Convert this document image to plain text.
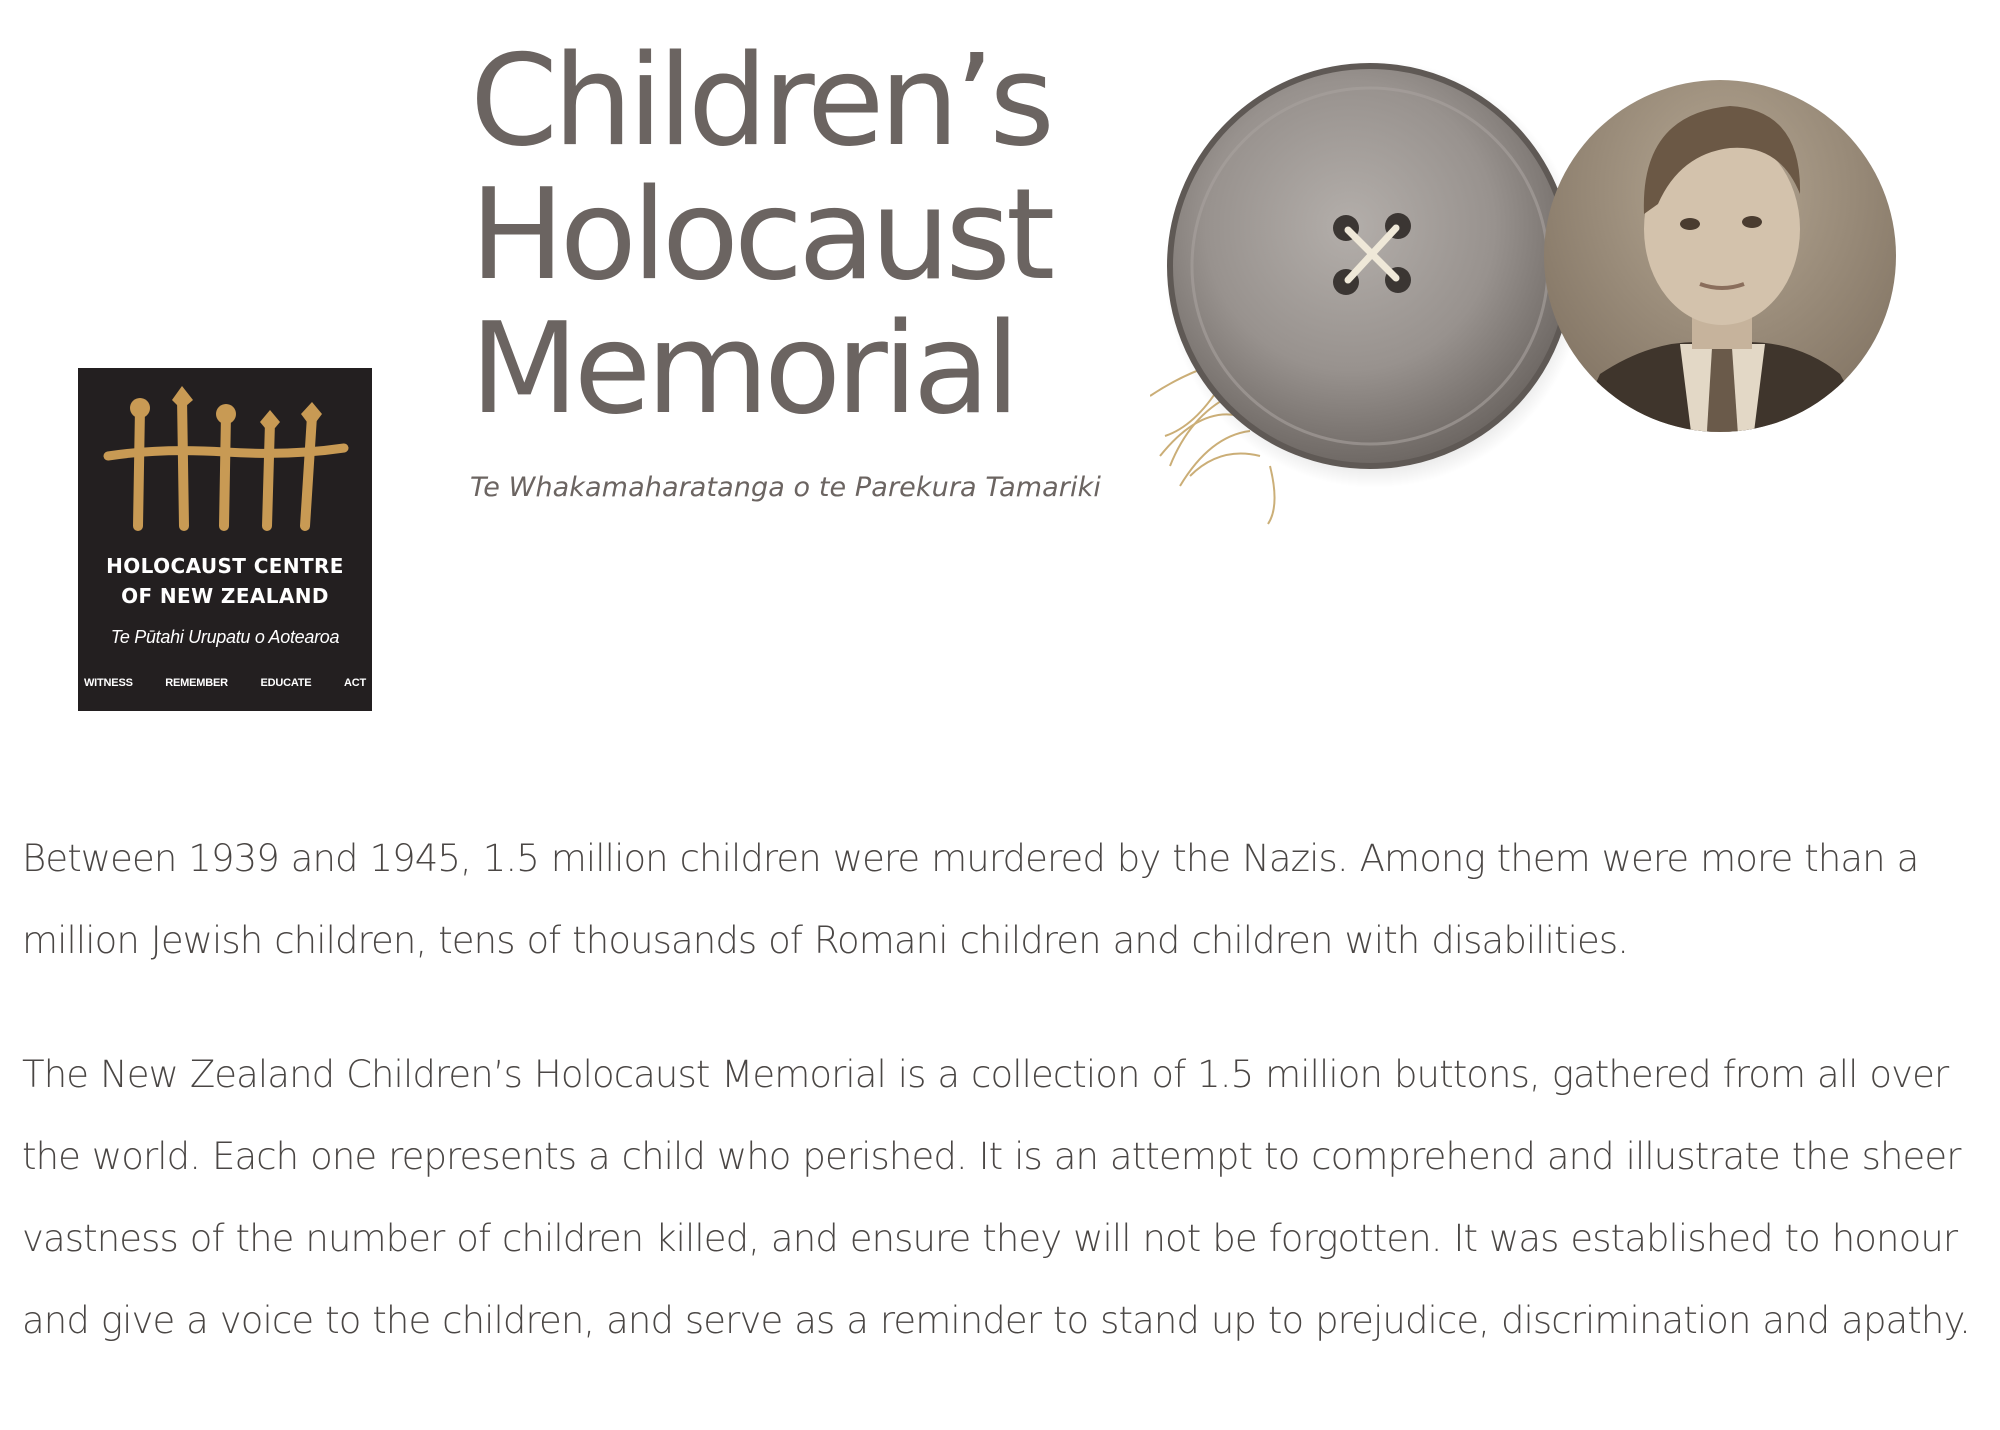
HOLOCAUST CENTRE
OF NEW ZEALAND
Te Pūtahi Urupatu o Aotearoa
WITNESS	REMEMBER	EDUCATE	ACT
Children’s
Holocaust
Memorial
Te Whakamaharatanga o te Parekura Tamariki

Between 1939 and 1945, 1.5 million children were murdered by the Nazis. Among them were more than a million Jewish children, tens of thousands of Romani children and children with disabilities.

The New Zealand Children’s Holocaust Memorial is a collection of 1.5 million buttons, gathered from all over the world. Each one represents a child who perished. It is an attempt to comprehend and illustrate the sheer vastness of the number of children killed, and ensure they will not be forgotten. It was established to honour and give a voice to the children, and serve as a reminder to stand up to prejudice, discrimination and apathy.
